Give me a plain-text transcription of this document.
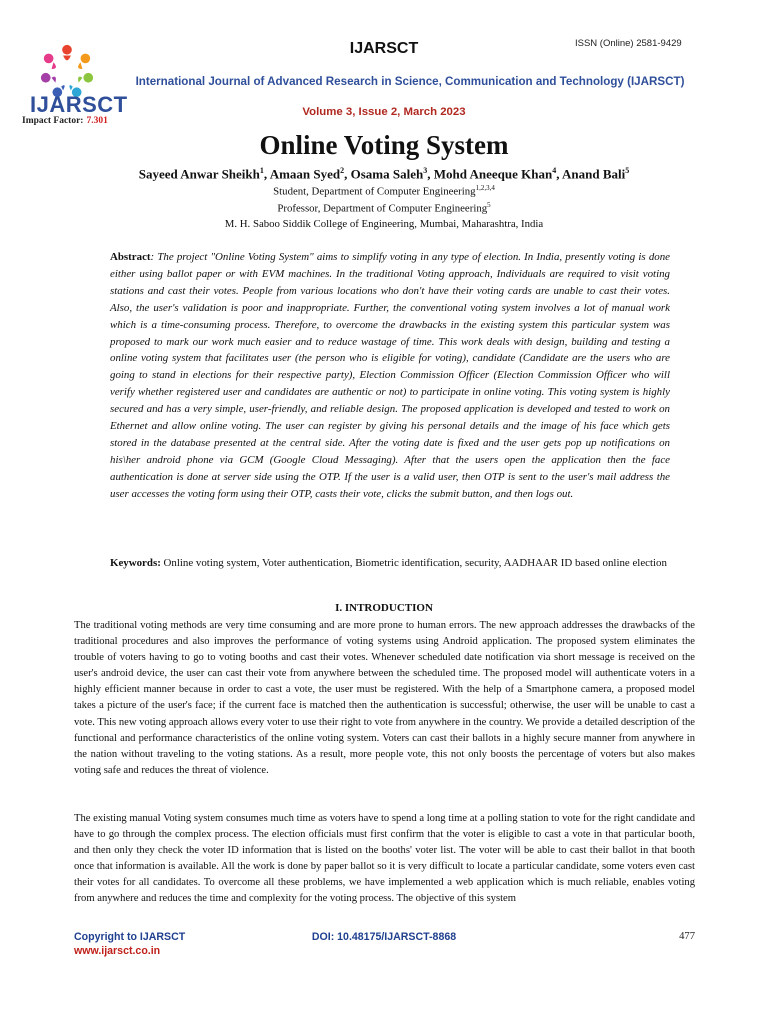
IJARSCT
Impact Factor: 7.301
IJARSCT	ISSN (Online) 2581-9429
International Journal of Advanced Research in Science, Communication and Technology (IJARSCT)
Volume 3, Issue 2, March 2023
Online Voting System
Sayeed Anwar Sheikh$^1$, Amaan Syed$^2$, Osama Saleh$^3$, Mohd Aneeque Khan$^4$, Anand Bali$^5$
Student, Department of Computer Engineering$^{1,2,3,4}$
Professor, Department of Computer Engineering$^5$
M. H. Saboo Siddik College of Engineering, Mumbai, Maharashtra, India
Abstract: The project "Online Voting System" aims to simplify voting in any type of election. In India, presently voting is done either using ballot paper or with EVM machines. In the traditional Voting approach, Individuals are required to visit voting stations and cast their votes. People from various locations who don't have their voting cards are unable to cast their votes. Also, the user's validation is poor and inappropriate. Further, the conventional voting system involves a lot of manual work which is a time-consuming process. Therefore, to overcome the drawbacks in the existing system this particular system was proposed to mark our work much easier and to reduce wastage of time. This work deals with design, building and testing a online voting system that facilitates user (the person who is eligible for voting), candidate (Candidate are the users who are going to stand in elections for their respective party), Election Commission Officer (Election Commission Officer who will verify whether registered user and candidates are authentic or not) to participate in online voting. This voting system is highly secured and has a very simple, user-friendly, and reliable design. The proposed application is developed and tested to work on Ethernet and allow online voting. The user can register by giving his personal details and the image of his face which gets stored in the database presented at the central side. After the voting date is fixed and the user gets pop up notifications on his\her android phone via GCM (Google Cloud Messaging). After that the users open the application then the face authentication is done at server side using the OTP. If the user is a valid user, then OTP is sent to the user's mail address the user accesses the voting form using their OTP, casts their vote, clicks the submit button, and then logs out.
Keywords: Online voting system, Voter authentication, Biometric identification, security, AADHAAR ID based online election
I. INTRODUCTION
The traditional voting methods are very time consuming and are more prone to human errors. The new approach addresses the drawbacks of the traditional procedures and also improves the performance of voting systems using Android application. The proposed system eliminates the trouble of voters having to go to voting booths and cast their votes. Whenever scheduled date notification via short message is received on the user's android device, the user can cast their vote from anywhere between the scheduled time. The proposed model will authenticate voters in a highly efficient manner because in order to cast a vote, the user must be registered. With the help of a Smartphone camera, a proposed model takes a picture of the user's face; if the current face is matched then the authentication is successful; otherwise, the user will be unable to cast a vote. This new voting approach allows every voter to use their right to vote from anywhere in the country. We provide a detailed description of the functional and performance characteristics of the online voting system. Voters can cast their ballots in a highly secure manner from anywhere in the nation without traveling to the voting stations. As a result, more people vote, this not only boosts the percentage of voters but also makes voting safe and reduces the threat of violence.
The existing manual Voting system consumes much time as voters have to spend a long time at a polling station to vote for the right candidate and have to go through the complex process. The election officials must first confirm that the voter is eligible to cast a vote in that particular booth, and then only they check the voter ID information that is listed on the booths' voter list. The voter will be able to cast their ballot in that booth once that information is available. All the work is done by paper ballot so it is very difficult to locate a particular candidate, some voters even cast their votes for all candidates. To overcome all these problems, we have implemented a web application which is much reliable, enables voting from anywhere and reduces the time and complexity for the voting process. The objective of this system
Copyright to IJARSCT
www.ijarsct.co.in
DOI: 10.48175/IJARSCT-8868	477
